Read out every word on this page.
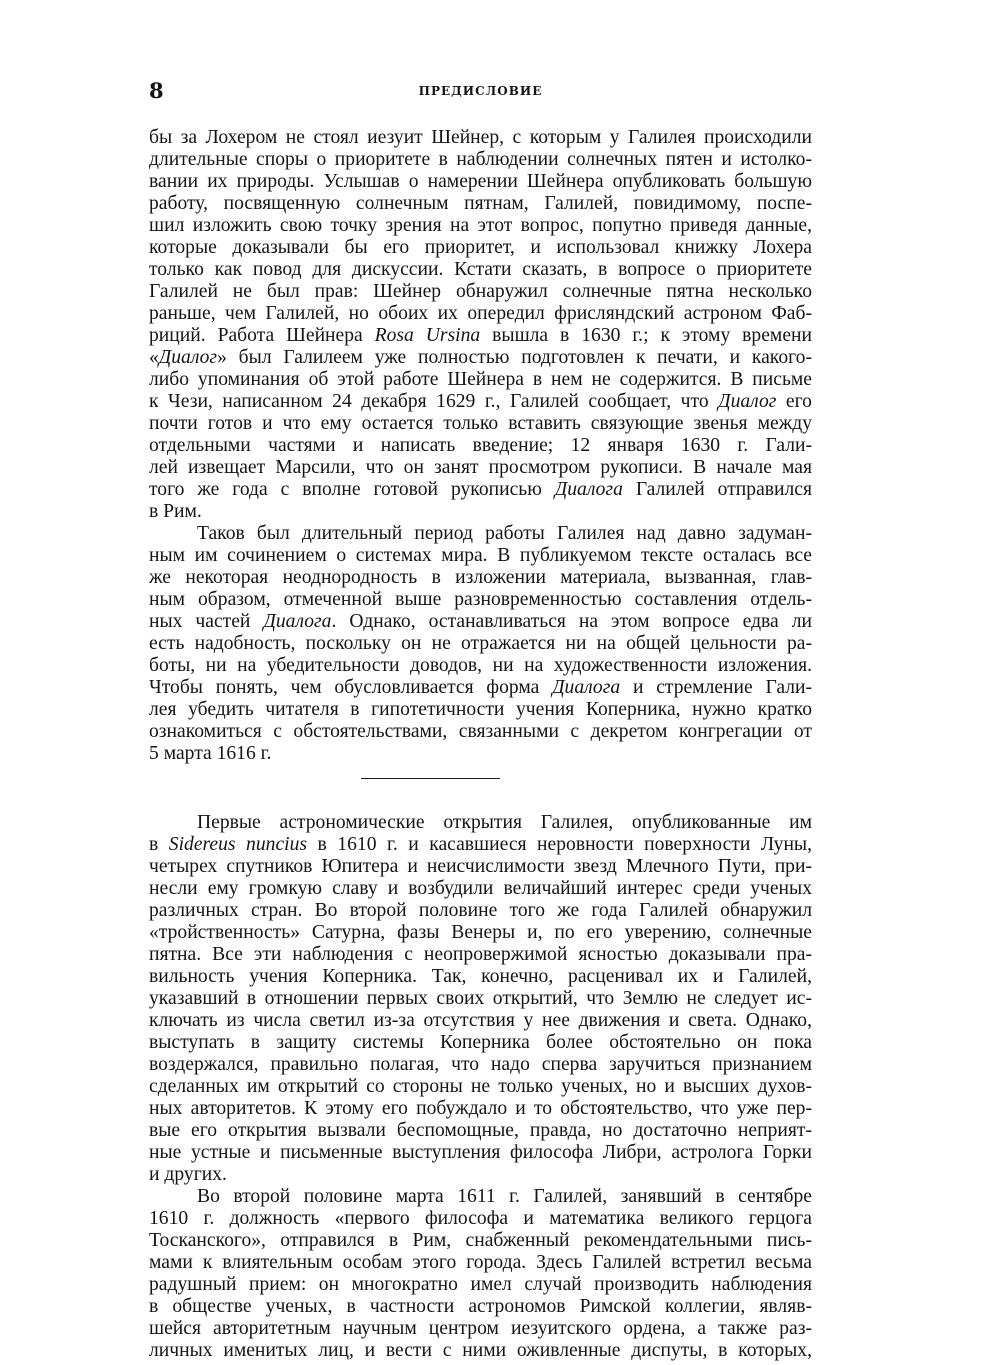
8	ПРЕДИСЛОВИЕ
бы за Лохером не стоял иезуит Шейнер, с которым у Галилея происходили
длительные споры о приоритете в наблюдении солнечных пятен и истолко-
вании их природы. Услышав о намерении Шейнера опубликовать большую
работу, посвященную солнечным пятнам, Галилей, повидимому, поспе-
шил изложить свою точку зрения на этот вопрос, попутно приведя данные,
которые доказывали бы его приоритет, и использовал книжку Лохера
только как повод для дискуссии. Кстати сказать, в вопросе о приоритете
Галилей не был прав: Шейнер обнаружил солнечные пятна несколько
раньше, чем Галилей, но обоих их опередил фрисляндский астроном Фаб-
риций. Работа Шейнера Rosa Ursina вышла в 1630 г.; к этому времени
«Диалог» был Галилеем уже полностью подготовлен к печати, и какого-
либо упоминания об этой работе Шейнера в нем не содержится. В письме
к Чези, написанном 24 декабря 1629 г., Галилей сообщает, что Диалог его
почти готов и что ему остается только вставить связующие звенья между
отдельными частями и написать введение; 12 января 1630 г. Гали-
лей извещает Марсили, что он занят просмотром рукописи. В начале мая
того же года с вполне готовой рукописью Диалога Галилей отправился
в Рим.
Таков был длительный период работы Галилея над давно задуман-
ным им сочинением о системах мира. В публикуемом тексте осталась все
же некоторая неоднородность в изложении материала, вызванная, глав-
ным образом, отмеченной выше разновременностью составления отдель-
ных частей Диалога. Однако, останавливаться на этом вопросе едва ли
есть надобность, поскольку он не отражается ни на общей цельности ра-
боты, ни на убедительности доводов, ни на художественности изложения.
Чтобы понять, чем обусловливается форма Диалога и стремление Гали-
лея убедить читателя в гипотетичности учения Коперника, нужно кратко
ознакомиться с обстоятельствами, связанными с декретом конгрегации от
5 марта 1616 г.
Первые астрономические открытия Галилея, опубликованные им
в Sidereus nuncius в 1610 г. и касавшиеся неровности поверхности Луны,
четырех спутников Юпитера и неисчислимости звезд Млечного Пути, при-
несли ему громкую славу и возбудили величайший интерес среди ученых
различных стран. Во второй половине того же года Галилей обнаружил
«тройственность» Сатурна, фазы Венеры и, по его уверению, солнечные
пятна. Все эти наблюдения с неопровержимой ясностью доказывали пра-
вильность учения Коперника. Так, конечно, расценивал их и Галилей,
указавший в отношении первых своих открытий, что Землю не следует ис-
ключать из числа светил из-за отсутствия у нее движения и света. Однако,
выступать в защиту системы Коперника более обстоятельно он пока
воздержался, правильно полагая, что надо сперва заручиться признанием
сделанных им открытий со стороны не только ученых, но и высших духов-
ных авторитетов. К этому его побуждало и то обстоятельство, что уже пер-
вые его открытия вызвали беспомощные, правда, но достаточно неприят-
ные устные и письменные выступления философа Либри, астролога Горки
и других.
Во второй половине марта 1611 г. Галилей, занявший в сентябре
1610 г. должность «первого философа и математика великого герцога
Тосканского», отправился в Рим, снабженный рекомендательными пись-
мами к влиятельным особам этого города. Здесь Галилей встретил весьма
радушный прием: он многократно имел случай производить наблюдения
в обществе ученых, в частности астрономов Римской коллегии, являв-
шейся авторитетным научным центром иезуитского ордена, а также раз-
личных именитых лиц, и вести с ними оживленные диспуты, в которых,
